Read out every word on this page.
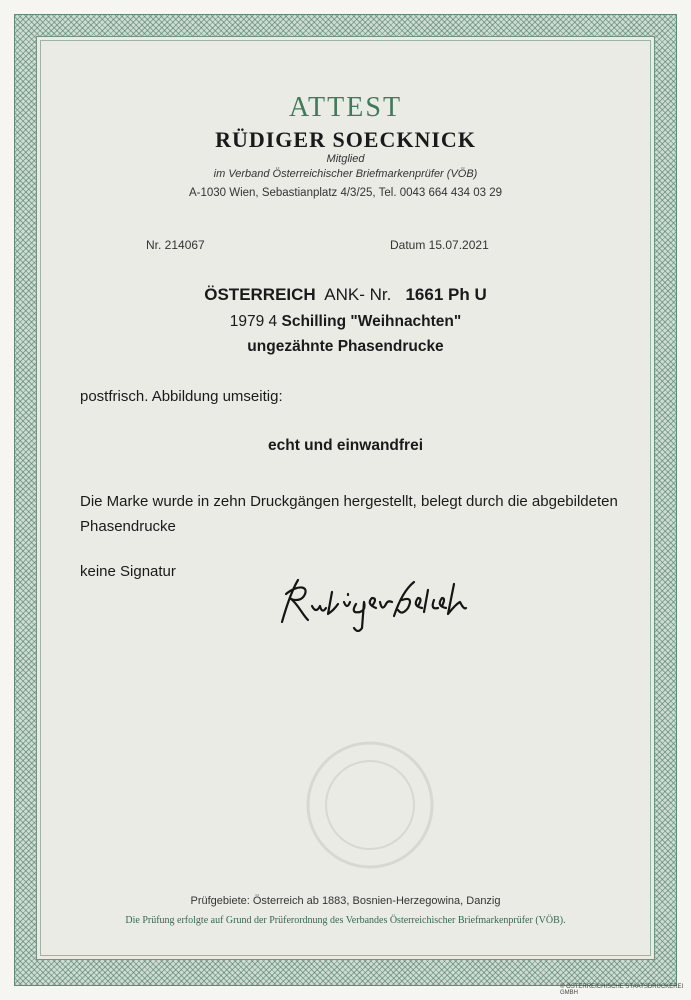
ATTEST
RÜDIGER SOECKNICK
Mitglied
im Verband Österreichischer Briefmarkenprüfer (VÖB)
A-1030 Wien, Sebastianplatz 4/3/25, Tel. 0043 664 434 03 29
Nr. 214067	Datum 15.07.2021
ÖSTERREICH ANK- Nr. 1661 Ph U
1979 4 Schilling "Weihnachten"
ungezähnte Phasendrucke
postfrisch. Abbildung umseitig:
echt und einwandfrei
Die Marke wurde in zehn Druckgängen hergestellt, belegt durch die abgebildeten Phasendrucke
keine Signatur
Prüfgebiete: Österreich ab 1883, Bosnien-Herzegowina, Danzig
Die Prüfung erfolgte auf Grund der Prüferordnung des Verbandes Österreichischer Briefmarkenprüfer (VÖB).
© ÖSTERREICHISCHE STAATSDRUCKEREI GMBH
